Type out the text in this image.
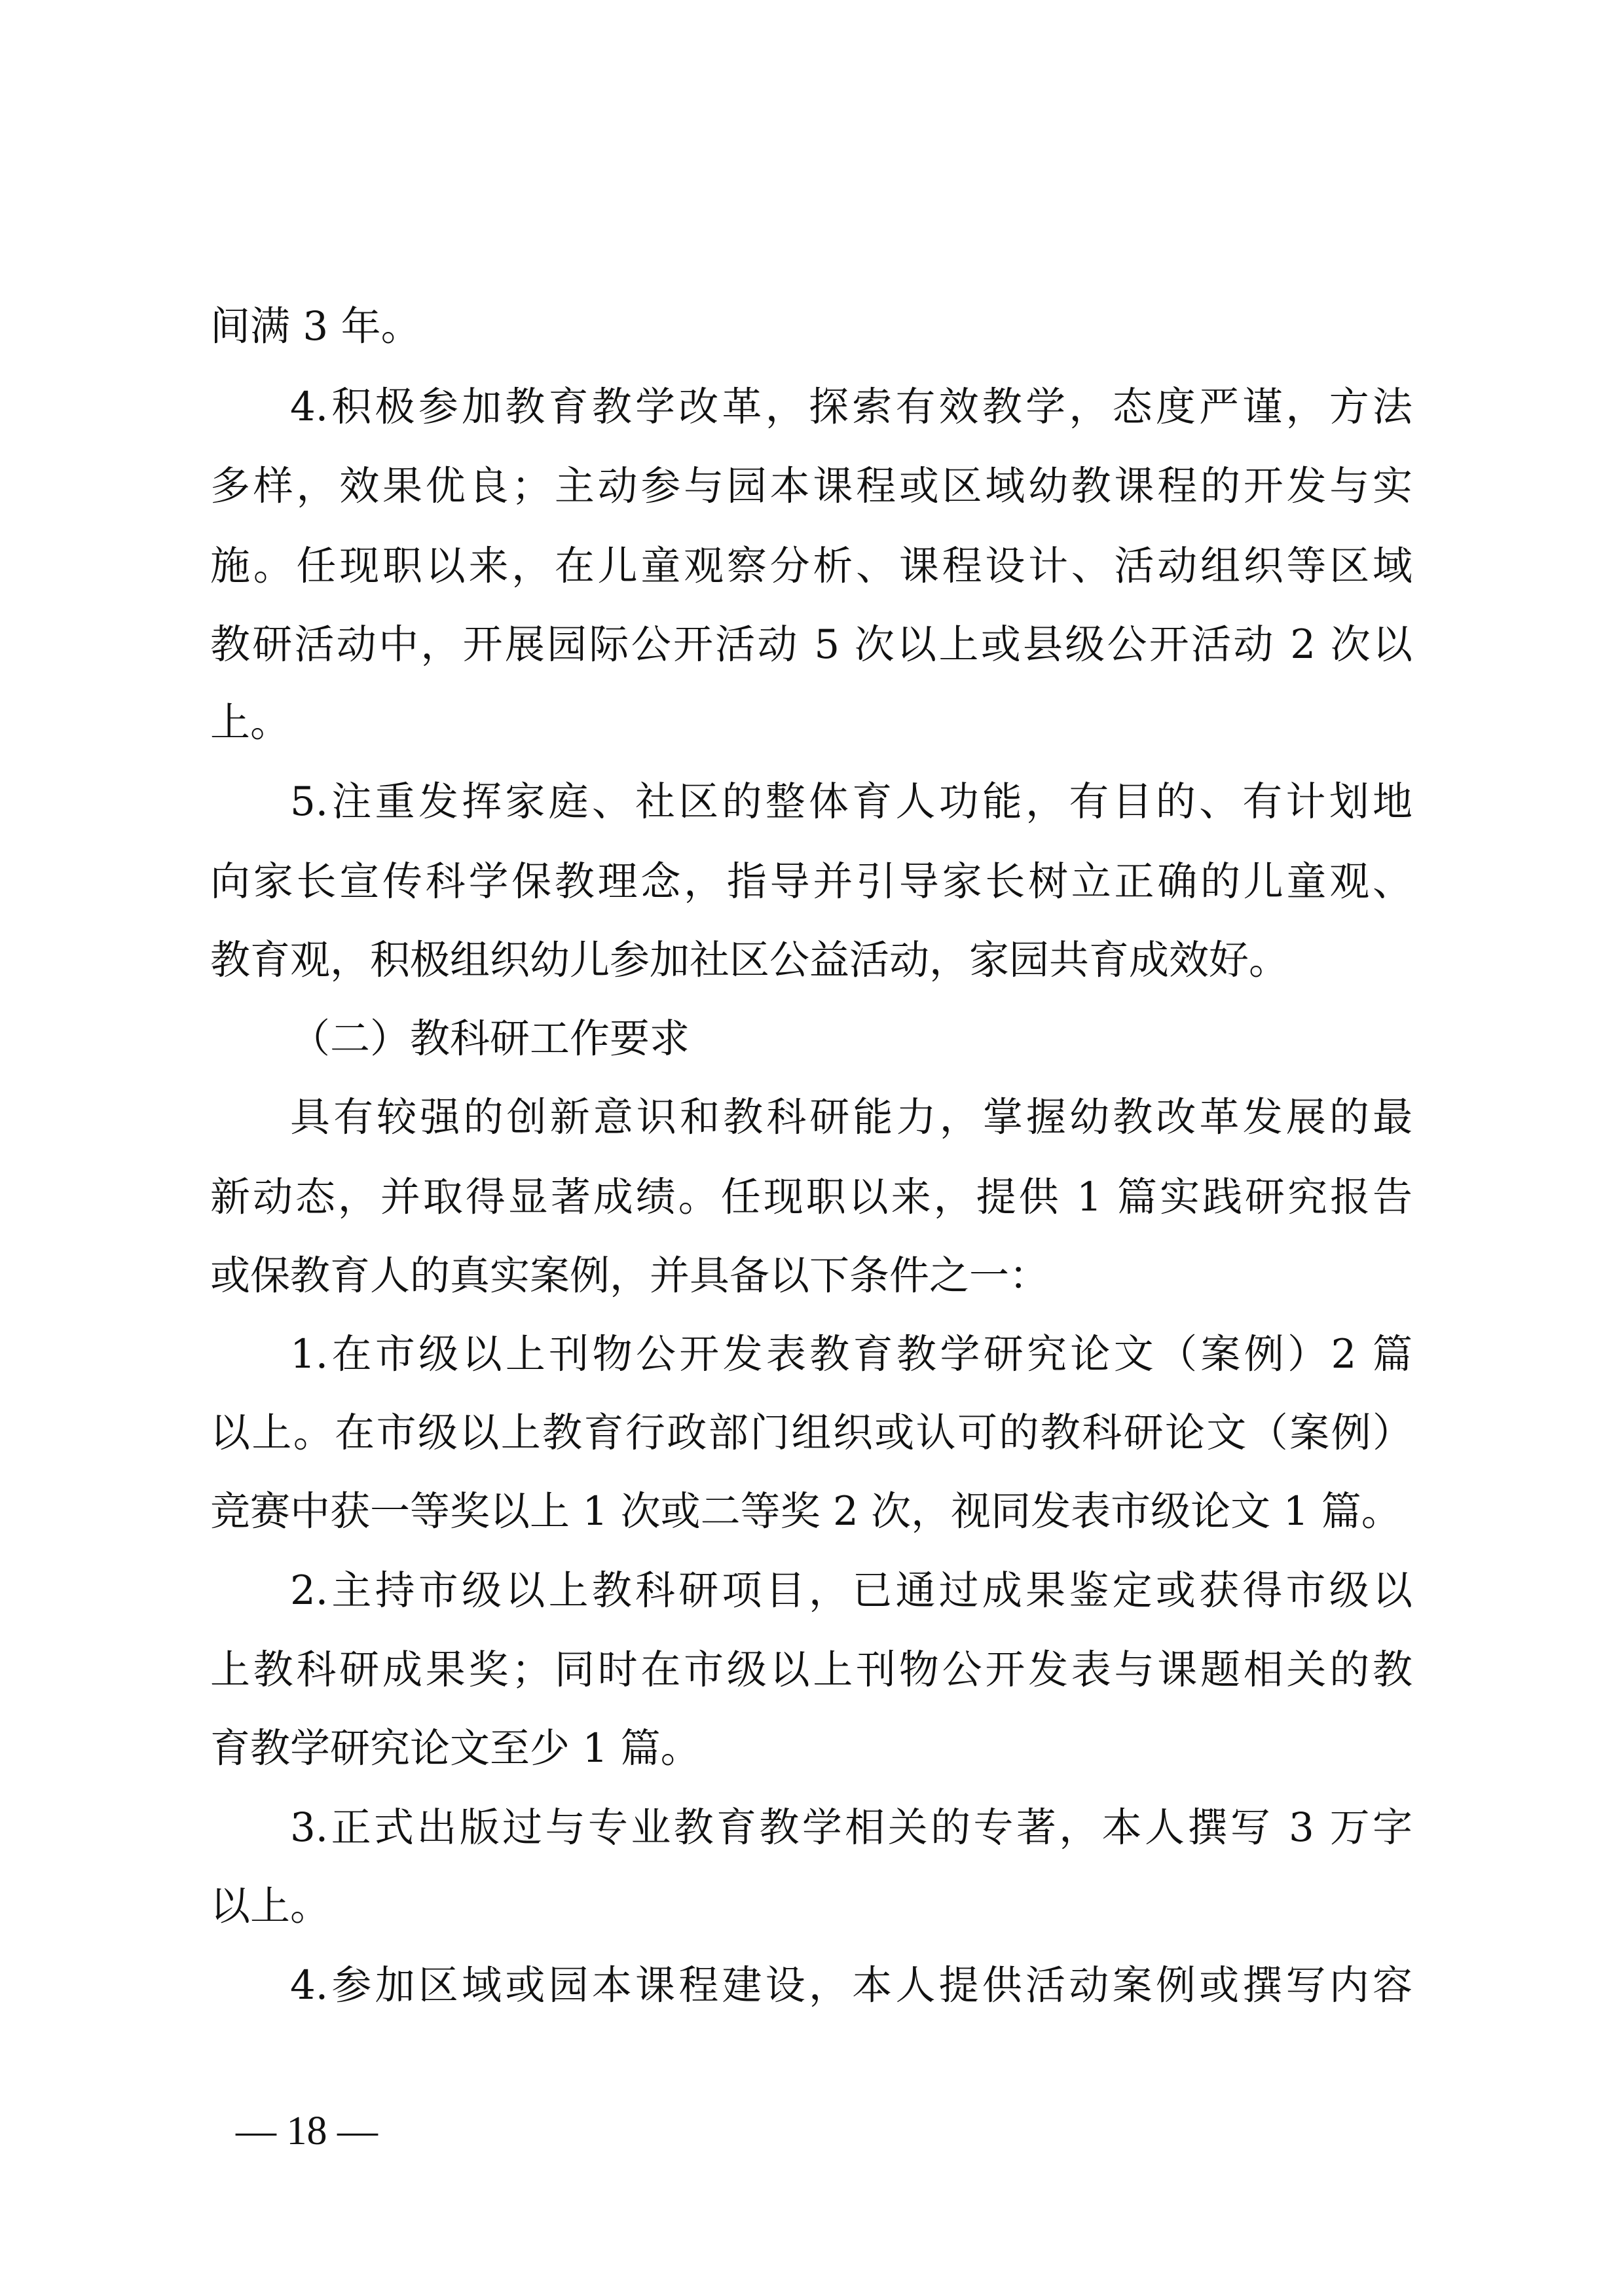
间满 3 年。
4.积极参加教育教学改革，探索有效教学，态度严谨，方法
多样，效果优良；主动参与园本课程或区域幼教课程的开发与实
施。任现职以来，在儿童观察分析、课程设计、活动组织等区域
教研活动中，开展园际公开活动 5 次以上或县级公开活动 2 次以
上。
5.注重发挥家庭、社区的整体育人功能，有目的、有计划地
向家长宣传科学保教理念，指导并引导家长树立正确的儿童观、
教育观，积极组织幼儿参加社区公益活动，家园共育成效好。
（二）教科研工作要求
具有较强的创新意识和教科研能力，掌握幼教改革发展的最
新动态，并取得显著成绩。任现职以来，提供 1 篇实践研究报告
或保教育人的真实案例，并具备以下条件之一：
1.在市级以上刊物公开发表教育教学研究论文（案例）2 篇
以上。在市级以上教育行政部门组织或认可的教科研论文（案例）
竞赛中获一等奖以上 1 次或二等奖 2 次，视同发表市级论文 1 篇。
2.主持市级以上教科研项目，已通过成果鉴定或获得市级以
上教科研成果奖；同时在市级以上刊物公开发表与课题相关的教
育教学研究论文至少 1 篇。
3.正式出版过与专业教育教学相关的专著，本人撰写 3 万字
以上。
4.参加区域或园本课程建设，本人提供活动案例或撰写内容
— 18 —
